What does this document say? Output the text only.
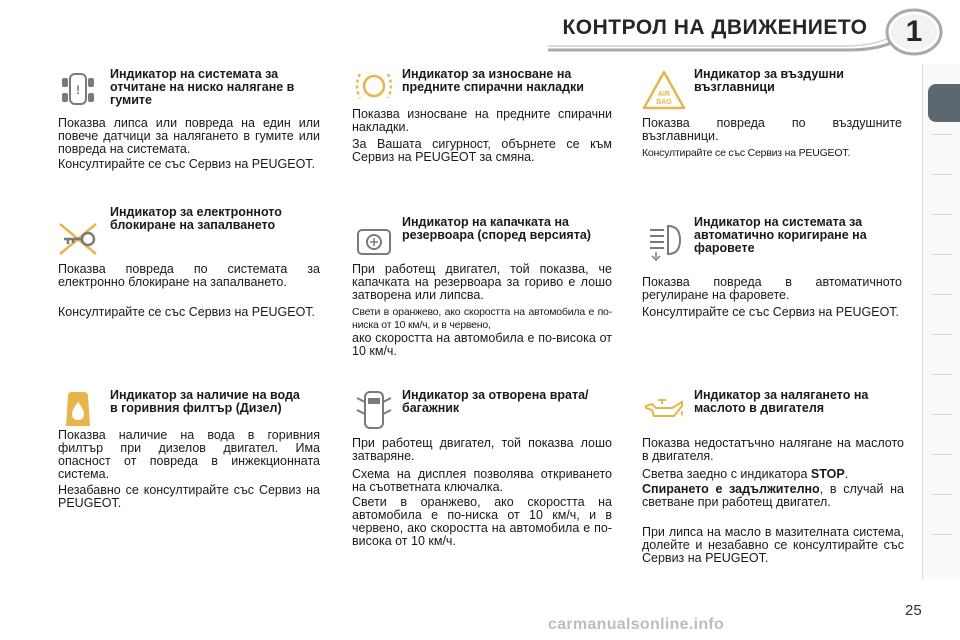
КОНТРОЛ НА ДВИЖЕНИЕТО	1
!
Индикатор на системата за отчитане на ниско налягане в гумите
Показва липса или повреда на един или повече датчици за налягането в гумите или повреда на системата.
Консултирайте се със Сервиз на PEUGEOT.
Индикатор за електронното блокиране на запалването
Показва повреда по системата за електронно блокиране на запалването.
Консултирайте се със Сервиз на PEUGEOT.
Индикатор за наличие на вода в горивния филтър (Дизел)
Показва наличие на вода в горивния филтър при дизелов двигател. Има опасност от повреда в инжекционната система.
Незабавно се консултирайте със Сервиз на PEUGEOT.
Индикатор за износване на предните спирачни накладки
Показва износване на предните спирачни накладки.
За Вашата сигурност, обърнете се към Сервиз на PEUGEOT за смяна.
Индикатор на капачката на резервоара (според версията)
При работещ двигател, той показва, че капачката на резервоара за гориво е лошо затворена или липсва.
Свети в оранжево, ако скоростта на автомобила е по-ниска от 10 км/ч, и в червено,
ако скоростта на автомобила е по-висока от 10 км/ч.
Индикатор за отворена врата/багажник
При работещ двигател, той показва лошо затваряне.
Схема на дисплея позволява откриването на съответната ключалка.
Свети в оранжево, ако скоростта на автомобила е по-ниска от 10 км/ч, и в червено, ако скоростта на автомобила е по-висока от 10 км/ч.
AIR
BAG
Индикатор за въздушни възглавници
Показва повреда по въздушните възглавници.
Консултирайте се със Сервиз на PEUGEOT.
Индикатор на системата за автоматично коригиране на фаровете
Показва повреда в автоматичното регулиране на фаровете.
Консултирайте се със Сервиз на PEUGEOT.
Индикатор за налягането на маслото в двигателя
Показва недостатъчно налягане на маслото в двигателя.
Светва заедно с индикатора STOP.
Спирането е задължително, в случай на светване при работещ двигател.
При липса на масло в мазителната система, долейте и незабавно се консултирайте със Сервиз на PEUGEOT.
25
carmanualsonline.info
